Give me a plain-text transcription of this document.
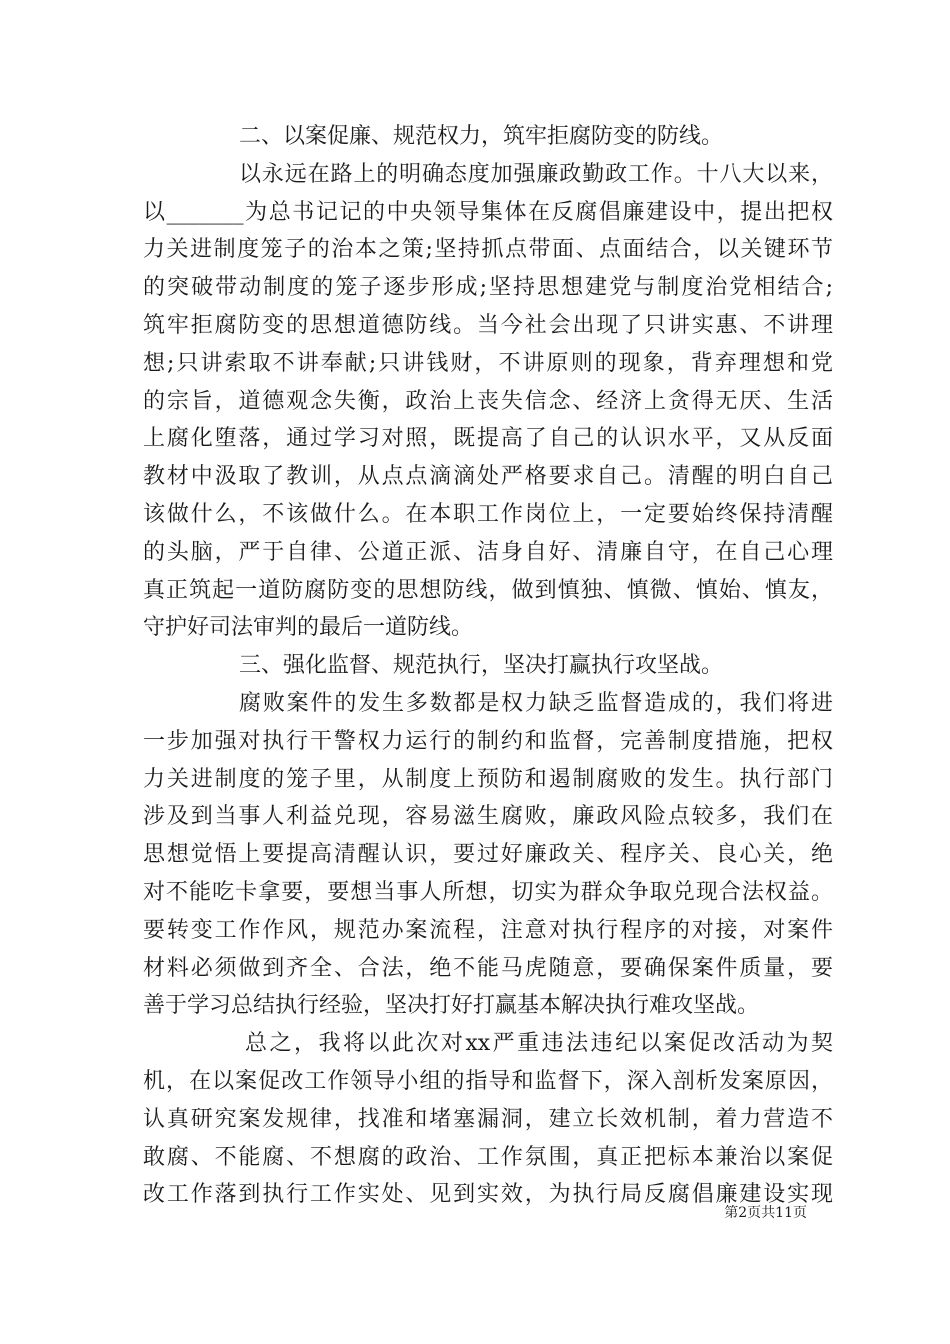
二、以案促廉、规范权力，筑牢拒腐防变的防线。
以永远在路上的明确态度加强廉政勤政工作。十八大以来，
以_______为总书记记的中央领导集体在反腐倡廉建设中，提出把权
力关进制度笼子的治本之策;坚持抓点带面、点面结合，以关键环节
的突破带动制度的笼子逐步形成;坚持思想建党与制度治党相结合;
筑牢拒腐防变的思想道德防线。当今社会出现了只讲实惠、不讲理
想;只讲索取不讲奉献;只讲钱财，不讲原则的现象，背弃理想和党
的宗旨，道德观念失衡，政治上丧失信念、经济上贪得无厌、生活
上腐化堕落，通过学习对照，既提高了自己的认识水平，又从反面
教材中汲取了教训，从点点滴滴处严格要求自己。清醒的明白自己
该做什么，不该做什么。在本职工作岗位上，一定要始终保持清醒
的头脑，严于自律、公道正派、洁身自好、清廉自守，在自己心理
真正筑起一道防腐防变的思想防线，做到慎独、慎微、慎始、慎友，
守护好司法审判的最后一道防线。
三、强化监督、规范执行，坚决打赢执行攻坚战。
腐败案件的发生多数都是权力缺乏监督造成的，我们将进
一步加强对执行干警权力运行的制约和监督，完善制度措施，把权
力关进制度的笼子里，从制度上预防和遏制腐败的发生。执行部门
涉及到当事人利益兑现，容易滋生腐败，廉政风险点较多，我们在
思想觉悟上要提高清醒认识，要过好廉政关、程序关、良心关，绝
对不能吃卡拿要，要想当事人所想，切实为群众争取兑现合法权益。
要转变工作作风，规范办案流程，注意对执行程序的对接，对案件
材料必须做到齐全、合法，绝不能马虎随意，要确保案件质量，要
善于学习总结执行经验，坚决打好打赢基本解决执行难攻坚战。
总之，我将以此次对xx严重违法违纪以案促改活动为契
机，在以案促改工作领导小组的指导和监督下，深入剖析发案原因，
认真研究案发规律，找准和堵塞漏洞，建立长效机制，着力营造不
敢腐、不能腐、不想腐的政治、工作氛围，真正把标本兼治以案促
改工作落到执行工作实处、见到实效，为执行局反腐倡廉建设实现
第2页共11页
